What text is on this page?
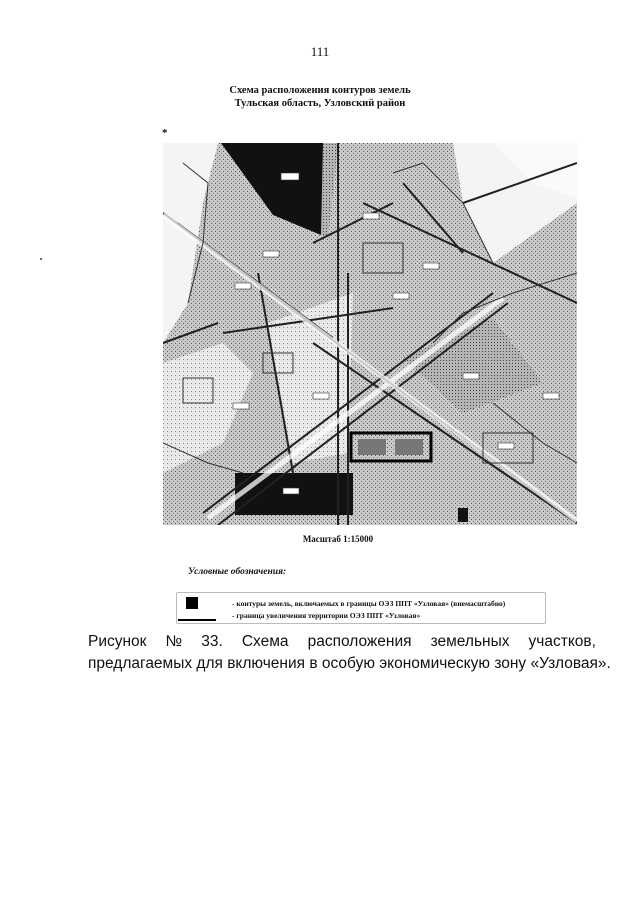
111
Схема расположения контуров земель
Тульская область, Узловский район
*
Масштаб 1:15000
Условные обозначения:
- контуры земель, включаемых в границы ОЭЗ ППТ «Узловая» (внемасштабно)
- граница увеличения территории ОЭЗ ППТ «Узловая»
Рисунок № 33. Схема расположения земельных участков,
предлагаемых для включения в особую экономическую зону «Узловая».
